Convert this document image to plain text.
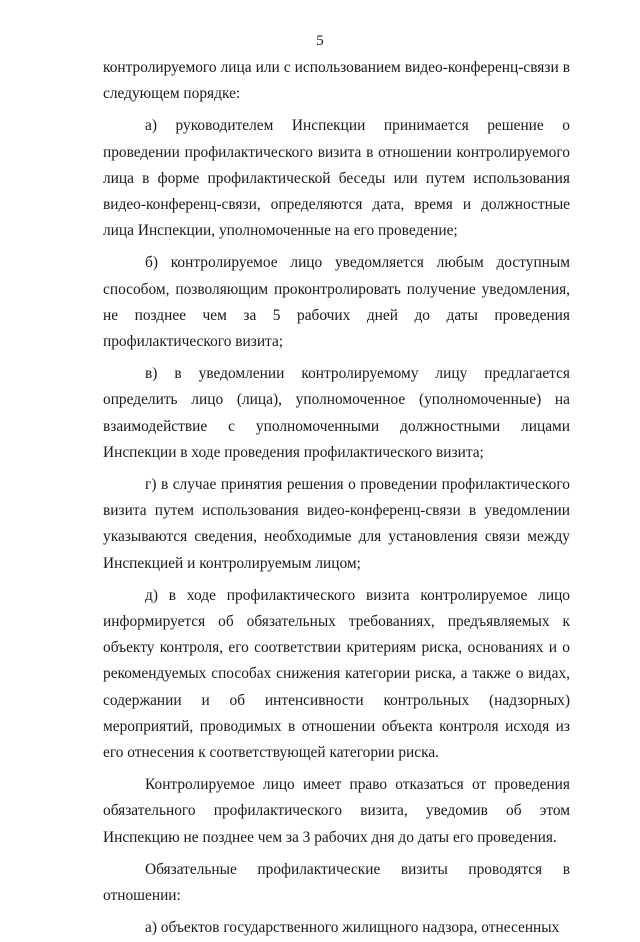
5

контролируемого лица или с использованием видео-конференц-связи в следующем порядке:

а) руководителем Инспекции принимается решение о проведении профилактического визита в отношении контролируемого лица в форме профилактической беседы или путем использования видео-конференц-связи, определяются дата, время и должностные лица Инспекции, уполномоченные на его проведение;

б) контролируемое лицо уведомляется любым доступным способом, позволяющим проконтролировать получение уведомления, не позднее чем за 5 рабочих дней до даты проведения профилактического визита;

в) в уведомлении контролируемому лицу предлагается определить лицо (лица), уполномоченное (уполномоченные) на взаимодействие с уполномоченными должностными лицами Инспекции в ходе проведения профилактического визита;

г) в случае принятия решения о проведении профилактического визита путем использования видео-конференц-связи в уведомлении указываются сведения, необходимые для установления связи между Инспекцией и контролируемым лицом;

д) в ходе профилактического визита контролируемое лицо информируется об обязательных требованиях, предъявляемых к объекту контроля, его соответствии критериям риска, основаниях и о рекомендуемых способах снижения категории риска, а также о видах, содержании и об интенсивности контрольных (надзорных) мероприятий, проводимых в отношении объекта контроля исходя из его отнесения к соответствующей категории риска.

Контролируемое лицо имеет право отказаться от проведения обязательного профилактического визита, уведомив об этом Инспекцию не позднее чем за 3 рабочих дня до даты его проведения.

Обязательные профилактические визиты проводятся в отношении:

а) объектов государственного жилищного надзора, отнесенных
